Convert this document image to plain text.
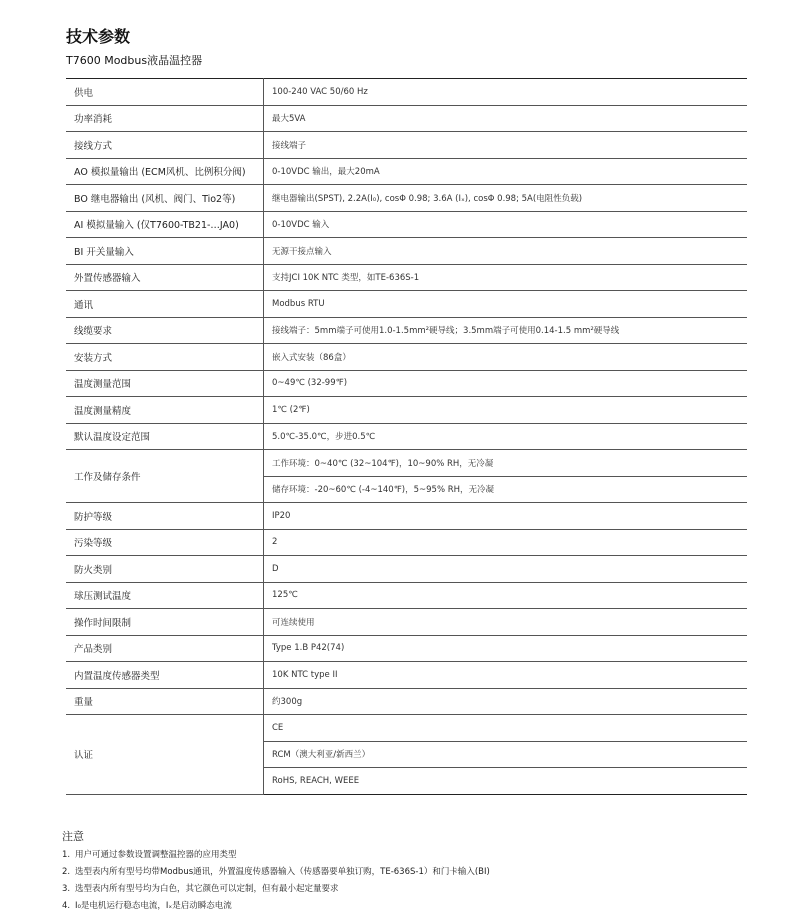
技术参数
T7600 Modbus液晶温控器
供电	100-240 VAC 50/60 Hz
功率消耗	最大5VA
接线方式	接线端子
AO 模拟量输出 (ECM风机、比例积分阀)	0-10VDC 输出，最大20mA
BO 继电器输出 (风机、阀门、Tio2等)	继电器输出(SPST), 2.2A(I₀), cosΦ 0.98; 3.6A (Iₓ), cosΦ 0.98; 5A(电阻性负载)
AI 模拟量输入 (仅T7600-TB21-…JA0)	0-10VDC 输入
BI 开关量输入	无源干接点输入
外置传感器输入	支持JCI 10K NTC 类型，如TE-636S-1
通讯	Modbus RTU
线缆要求	接线端子：5mm端子可使用1.0-1.5mm²硬导线；3.5mm端子可使用0.14-1.5 mm²硬导线
安装方式	嵌入式安装（86盒）
温度测量范围	0~49℃ (32-99℉)
温度测量精度	1℃ (2℉)
默认温度设定范围	5.0℃-35.0℃，步进0.5℃
工作及储存条件	工作环境：0~40℃ (32~104℉)，10~90% RH，无冷凝
	储存环境：-20~60℃ (-4~140℉)，5~95% RH，无冷凝
防护等级	IP20
污染等级	2
防火类别	D
球压测试温度	125℃
操作时间限制	可连续使用
产品类别	Type 1.B P42(74)
内置温度传感器类型	10K NTC type II
重量	约300g
认证	CE
	RCM（澳大利亚/新西兰）
	RoHS, REACH, WEEE
注意
1. 用户可通过参数设置调整温控器的应用类型
2. 选型表内所有型号均带Modbus通讯，外置温度传感器输入（传感器要单独订购，TE-636S-1）和门卡输入(BI)
3. 选型表内所有型号均为白色，其它颜色可以定制，但有最小起定量要求
4. I₀是电机运行稳态电流，Iₓ是启动瞬态电流
